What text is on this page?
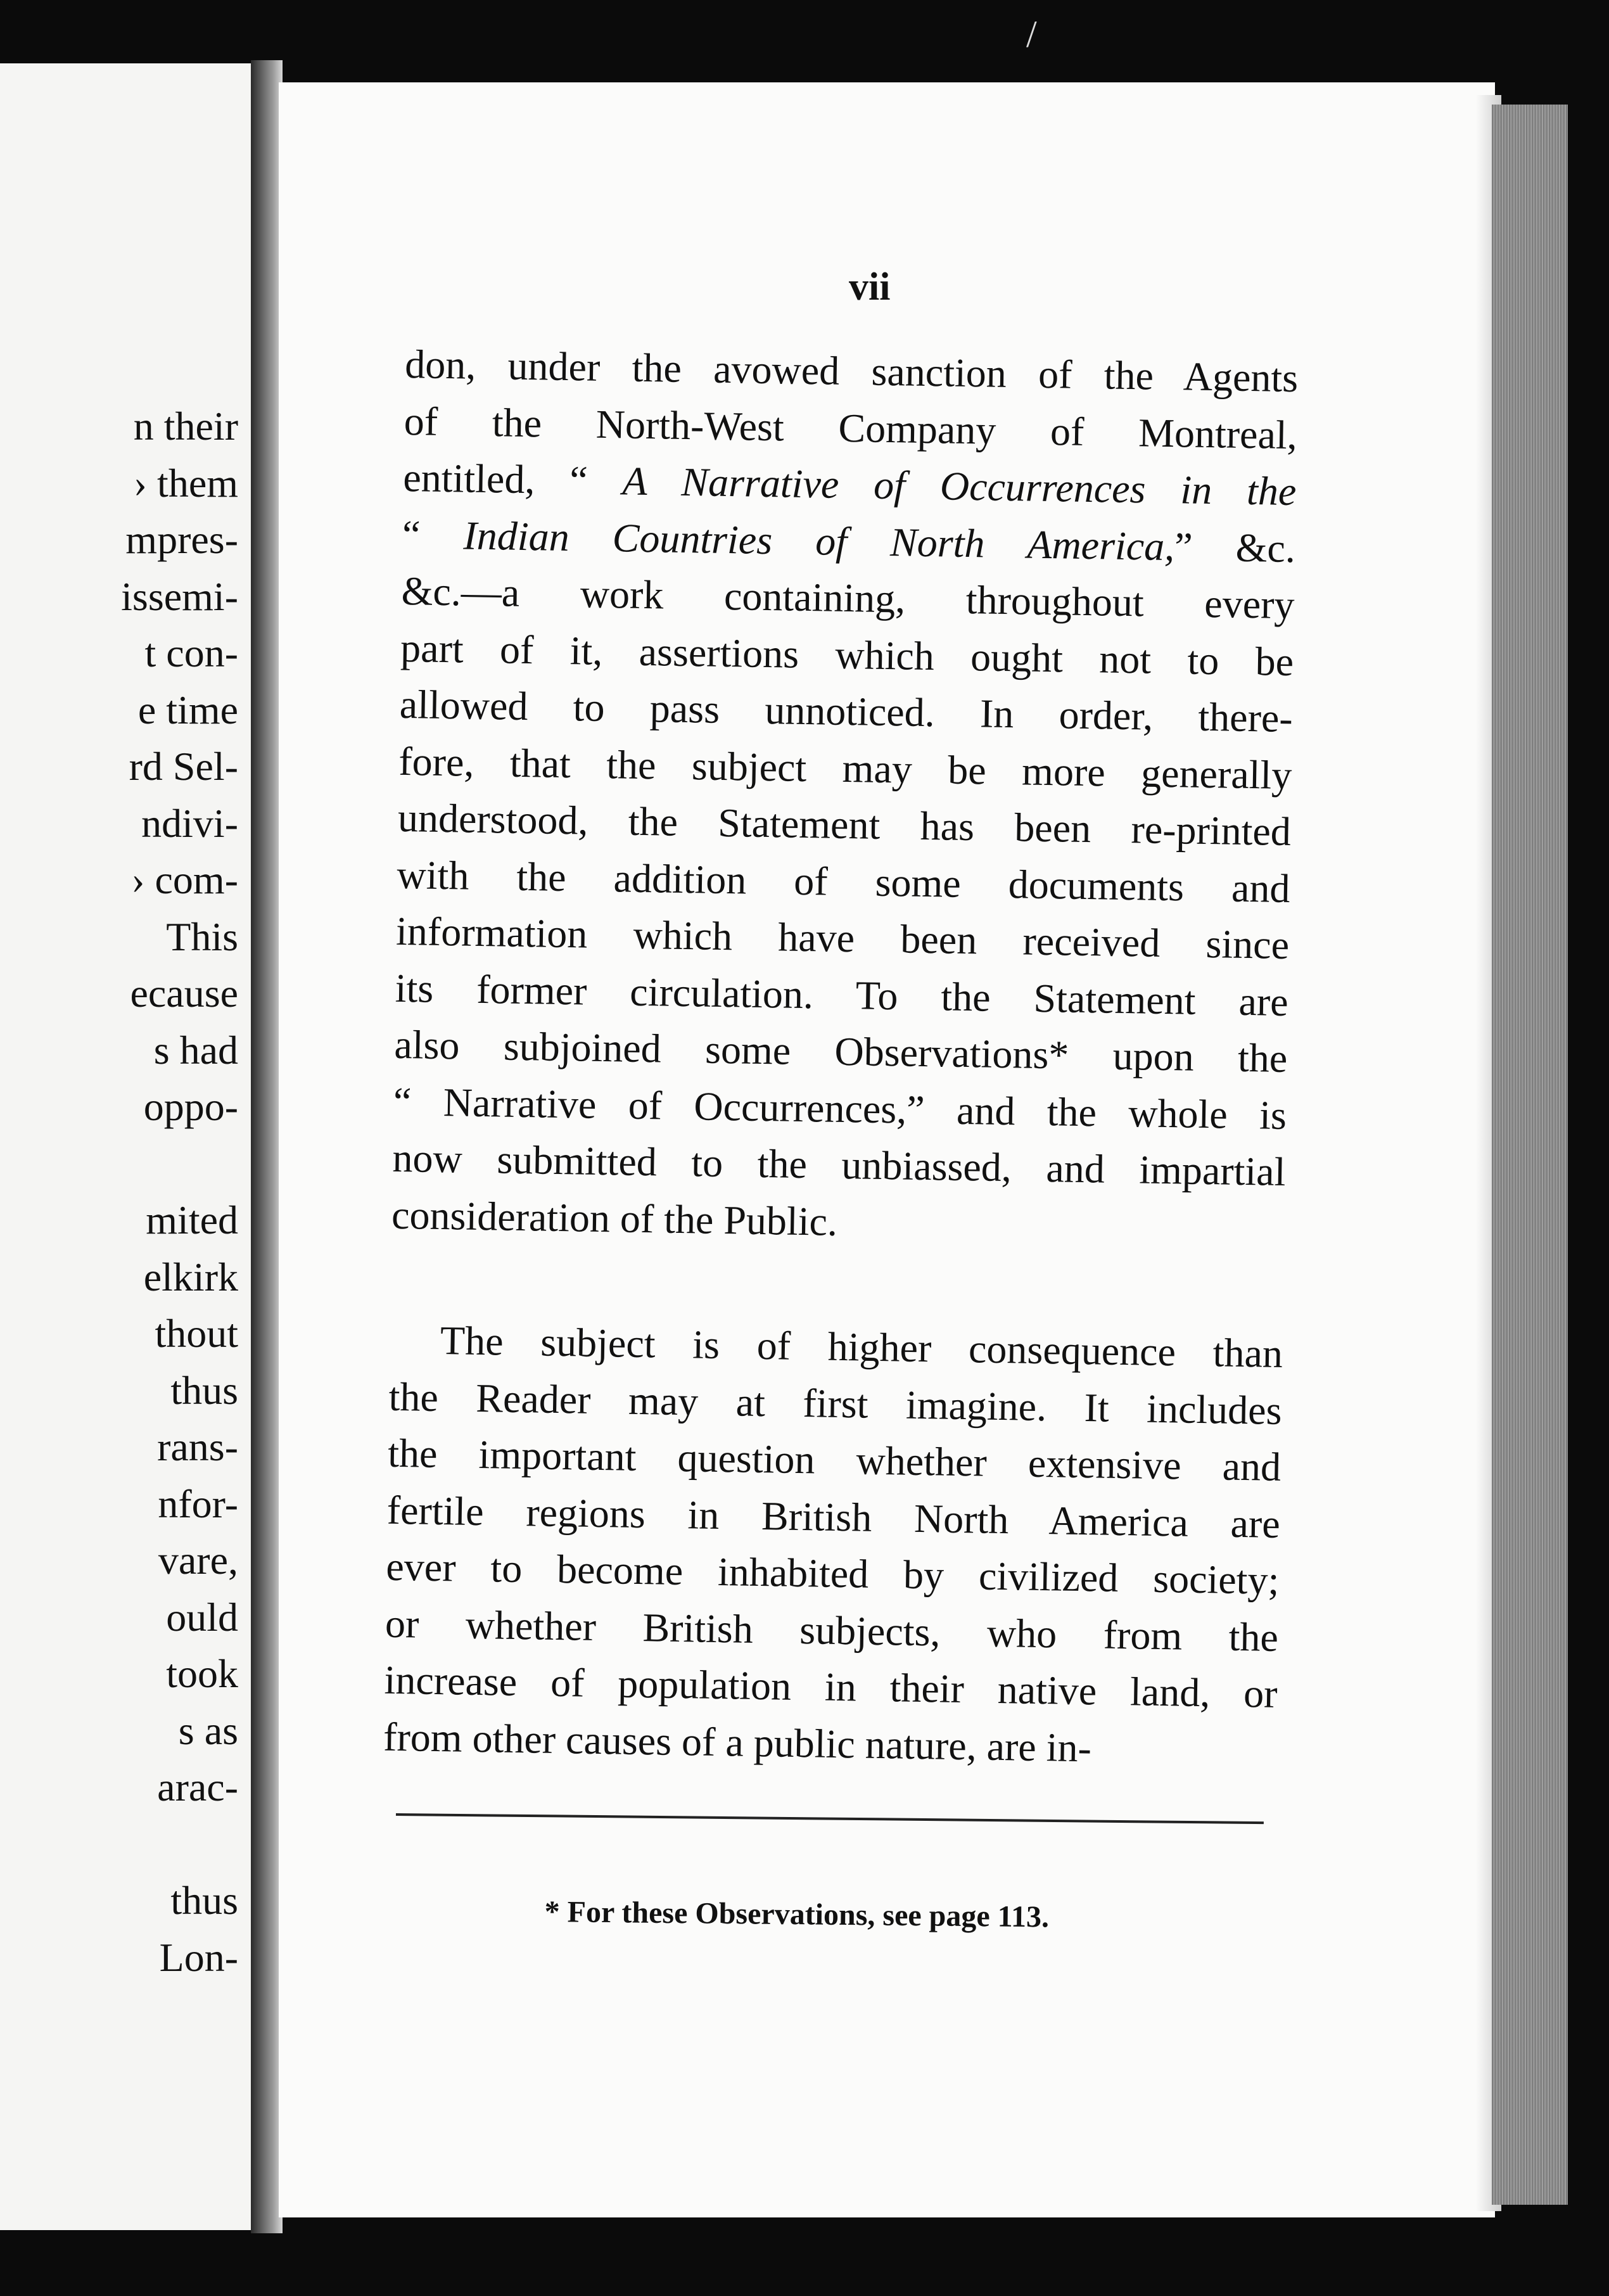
n their
› them
mpres-
issemi-
t con-
e time
rd Sel-
ndivi-
› com-
This
ecause
s had
oppo-
mited
elkirk
thout
thus
rans-
nfor-
vare,
ould
took
s as
arac-
thus
Lon-
vii
don, under the avowed sanction of the Agents
of the North-West Company of Montreal,
entitled, “ A Narrative of Occurrences in the
“ Indian Countries of North America,” &c.
&c.—a work containing, throughout every
part of it, assertions which ought not to be
allowed to pass unnoticed. In order, there-
fore, that the subject may be more generally
understood, the Statement has been re-printed
with the addition of some documents and
information which have been received since
its former circulation. To the Statement are
also subjoined some Observations* upon the
“ Narrative of Occurrences,” and the whole is
now submitted to the unbiassed, and impartial
consideration of the Public.
The subject is of higher consequence than
the Reader may at first imagine. It includes
the important question whether extensive and
fertile regions in British North America are
ever to become inhabited by civilized society;
or whether British subjects, who from the
increase of population in their native land, or
from other causes of a public nature, are in-
* For these Observations, see page 113.
/
